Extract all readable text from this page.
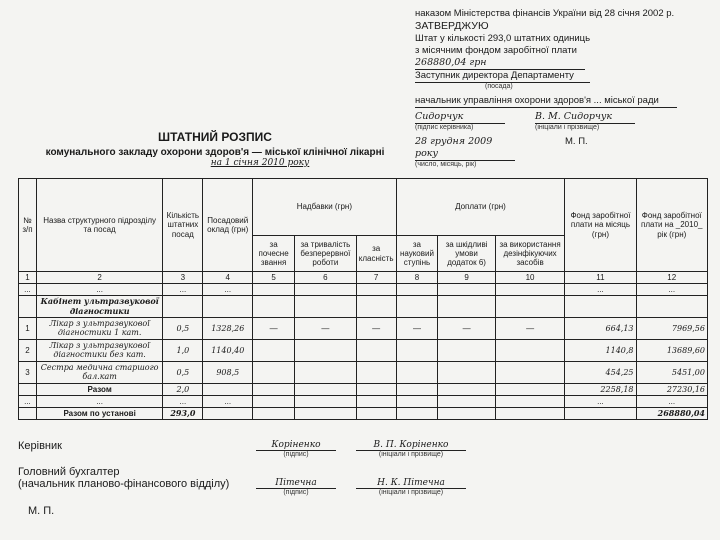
наказом Міністерства фінансів України від 28 січня 2002 р.
ЗАТВЕРДЖУЮ
Штат у кількості 293,0 штатних одиниць
з місячним фондом заробітної плати
268880,04 грн
Заступник директора Департаменту
(посада)
начальник управління охорони здоров'я ... міської ради
Сидорчук
(підпис керівника)
В. М. Сидорчук
(ініціали і прізвище)
28 грудня 2009 року
(число, місяць, рік)
М. П.
ШТАТНИЙ РОЗПИС
комунального закладу охорони здоров'я — міської клінічної лікарні
на 1 січня 2010 року
№ з/п	Назва структурного підрозділу та посад	Кількість штатних посад	Посадовий оклад (грн)	Надбавки (грн)			Доплати (грн)			Фонд заробітної плати на місяць (грн)	Фонд заробітної плати на _2010_ рік (грн)
				за почесне звання	за тривалість безперервної роботи	за класність	за науковий ступінь	за шкідливі умови додаток 6)	за використання дезінфікуючих засобів		
1	2	3	4	5	6	7	8	9	10	11	12
...	...	...	...							...	...
	Кабінет ультразвукової діагностики										
1	Лікар з ультразвукової діагностики 1 кат.	0,5	1328,26	—	—	—	—	—	—	664,13	7969,56
2	Лікар з ультразвукової діагностики без кат.	1,0	1140,40							1140,8	13689,60
3	Сестра медична старшого бал.кат	0,5	908,5							454,25	5451,00
	Разом	2,0								2258,18	27230,16
...	...	...	...							...	...
	Разом по установі	293,0									268880,04
Керівник	Коріненко
(підпис)
В. П. Коріненко
(ініціали і прізвище)
Головний бухгалтер
(начальник планово-фінансового відділу)	Пітечна
(підпис)
Н. К. Пітечна
(ініціали і прізвище)
М. П.
